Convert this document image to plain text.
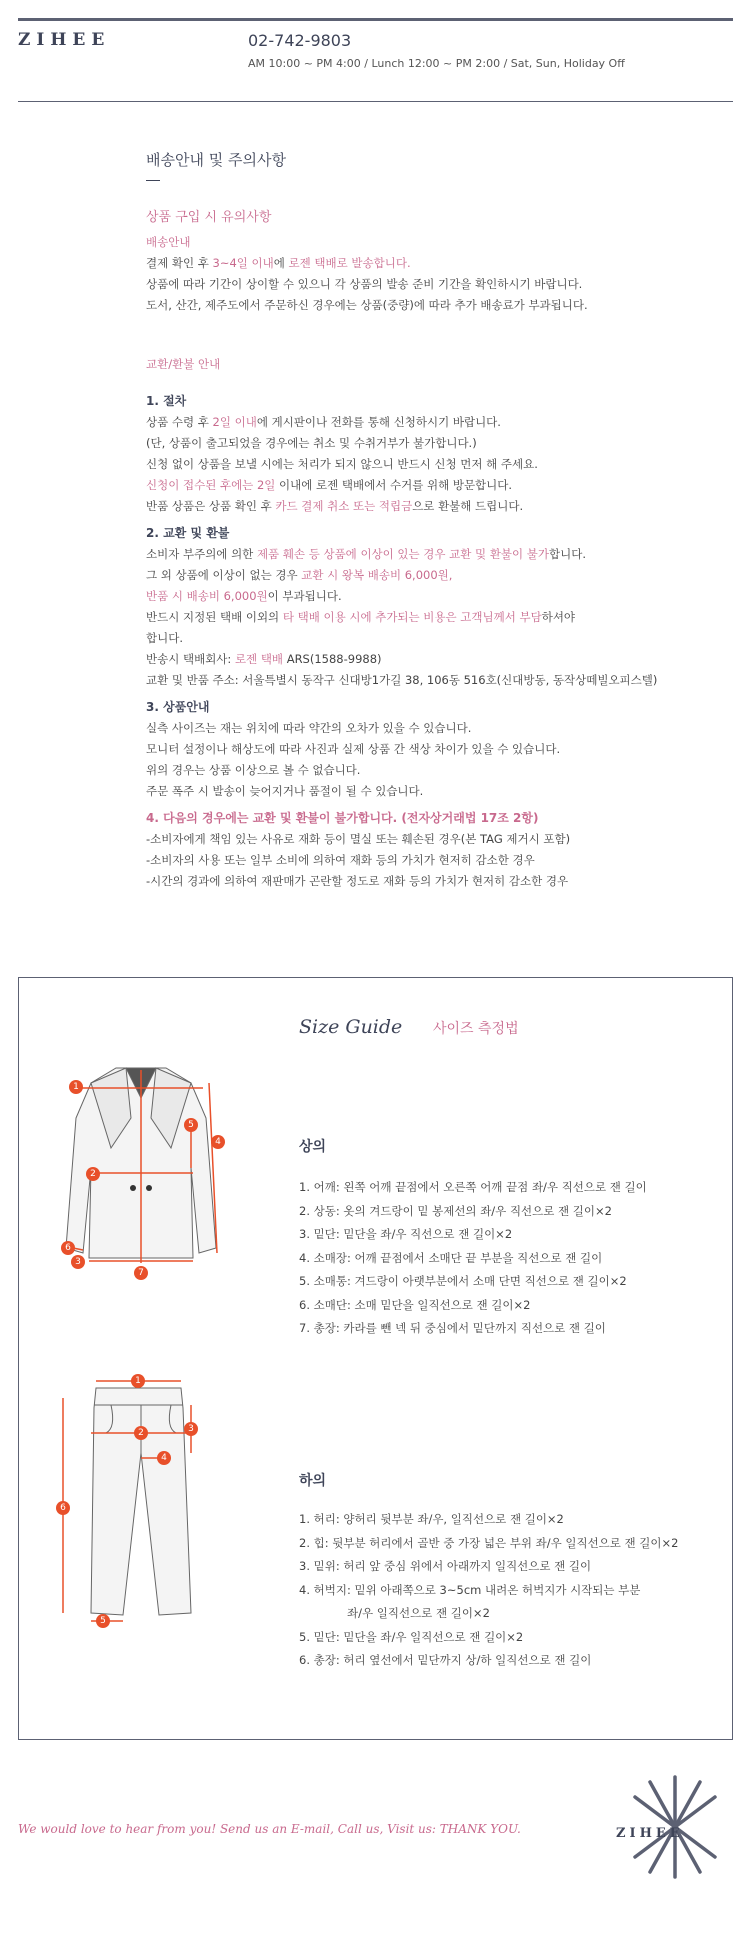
ZIHEE	02-742-9803
AM 10:00 ~ PM 4:00 / Lunch 12:00 ~ PM 2:00 / Sat, Sun, Holiday Off
배송안내 및 주의사항
상품 구입 시 유의사항
배송안내
결제 확인 후 3~4일 이내에 로젠 택배로 발송합니다.
상품에 따라 기간이 상이할 수 있으니 각 상품의 발송 준비 기간을 확인하시기 바랍니다.
도서, 산간, 제주도에서 주문하신 경우에는 상품(중량)에 따라 추가 배송료가 부과됩니다.
교환/환불 안내
1. 절차
상품 수령 후 2일 이내에 게시판이나 전화를 통해 신청하시기 바랍니다.
(단, 상품이 출고되었을 경우에는 취소 및 수취거부가 불가합니다.)
신청 없이 상품을 보낼 시에는 처리가 되지 않으니 반드시 신청 먼저 해 주세요.
신청이 접수된 후에는 2일 이내에 로젠 택배에서 수거를 위해 방문합니다.
반품 상품은 상품 확인 후 카드 결제 취소 또는 적립금으로 환불해 드립니다.
2. 교환 및 환불
소비자 부주의에 의한 제품 훼손 등 상품에 이상이 있는 경우 교환 및 환불이 불가합니다.
그 외 상품에 이상이 없는 경우 교환 시 왕복 배송비 6,000원,
반품 시 배송비 6,000원이 부과됩니다.
반드시 지정된 택배 이외의 타 택배 이용 시에 추가되는 비용은 고객님께서 부담하셔야
합니다.
반송시 택배회사: 로젠 택배 ARS(1588-9988)
교환 및 반품 주소: 서울특별시 동작구 신대방1가길 38, 106동 516호(신대방동, 동작상떼빌오피스텔)
3. 상품안내
실측 사이즈는 재는 위치에 따라 약간의 오차가 있을 수 있습니다.
모니터 설정이나 해상도에 따라 사진과 실제 상품 간 색상 차이가 있을 수 있습니다.
위의 경우는 상품 이상으로 볼 수 없습니다.
주문 폭주 시 발송이 늦어지거나 품절이 될 수 있습니다.
4. 다음의 경우에는 교환 및 환불이 불가합니다. (전자상거래법 17조 2항)
-소비자에게 책임 있는 사유로 재화 등이 멸실 또는 훼손된 경우(본 TAG 제거시 포함)
-소비자의 사용 또는 일부 소비에 의하여 재화 등의 가치가 현저히 감소한 경우
-시간의 경과에 의하여 재판매가 곤란할 정도로 재화 등의 가치가 현저히 감소한 경우
Size Guide 사이즈 측정법
1
2
3
4
5
6
7
상의
1. 어깨: 왼쪽 어깨 끝점에서 오른쪽 어깨 끝점 좌/우 직선으로 잰 길이
2. 상동: 옷의 겨드랑이 밑 봉제선의 좌/우 직선으로 잰 길이×2
3. 밑단: 밑단을 좌/우 직선으로 잰 길이×2
4. 소매장: 어깨 끝점에서 소매단 끝 부분을 직선으로 잰 길이
5. 소매통: 겨드랑이 아랫부분에서 소매 단면 직선으로 잰 길이×2
6. 소매단: 소매 밑단을 일직선으로 잰 길이×2
7. 총장: 카라를 뺀 넥 뒤 중심에서 밑단까지 직선으로 잰 길이
1
2	3
4
5
6
하의
1. 허리: 양허리 뒷부분 좌/우, 일직선으로 잰 길이×2
2. 힙: 뒷부분 허리에서 골반 중 가장 넓은 부위 좌/우 일직선으로 잰 길이×2
3. 밑위: 허리 앞 중심 위에서 아래까지 일직선으로 잰 길이
4. 허벅지: 밑위 아래쪽으로 3~5cm 내려온 허벅지가 시작되는 부분
좌/우 일직선으로 잰 길이×2
5. 밑단: 밑단을 좌/우 일직선으로 잰 길이×2
6. 총장: 허리 옆선에서 밑단까지 상/하 일직선으로 잰 길이
We would love to hear from you! Send us an E-mail, Call us, Visit us: THANK YOU.	ZIHEE
